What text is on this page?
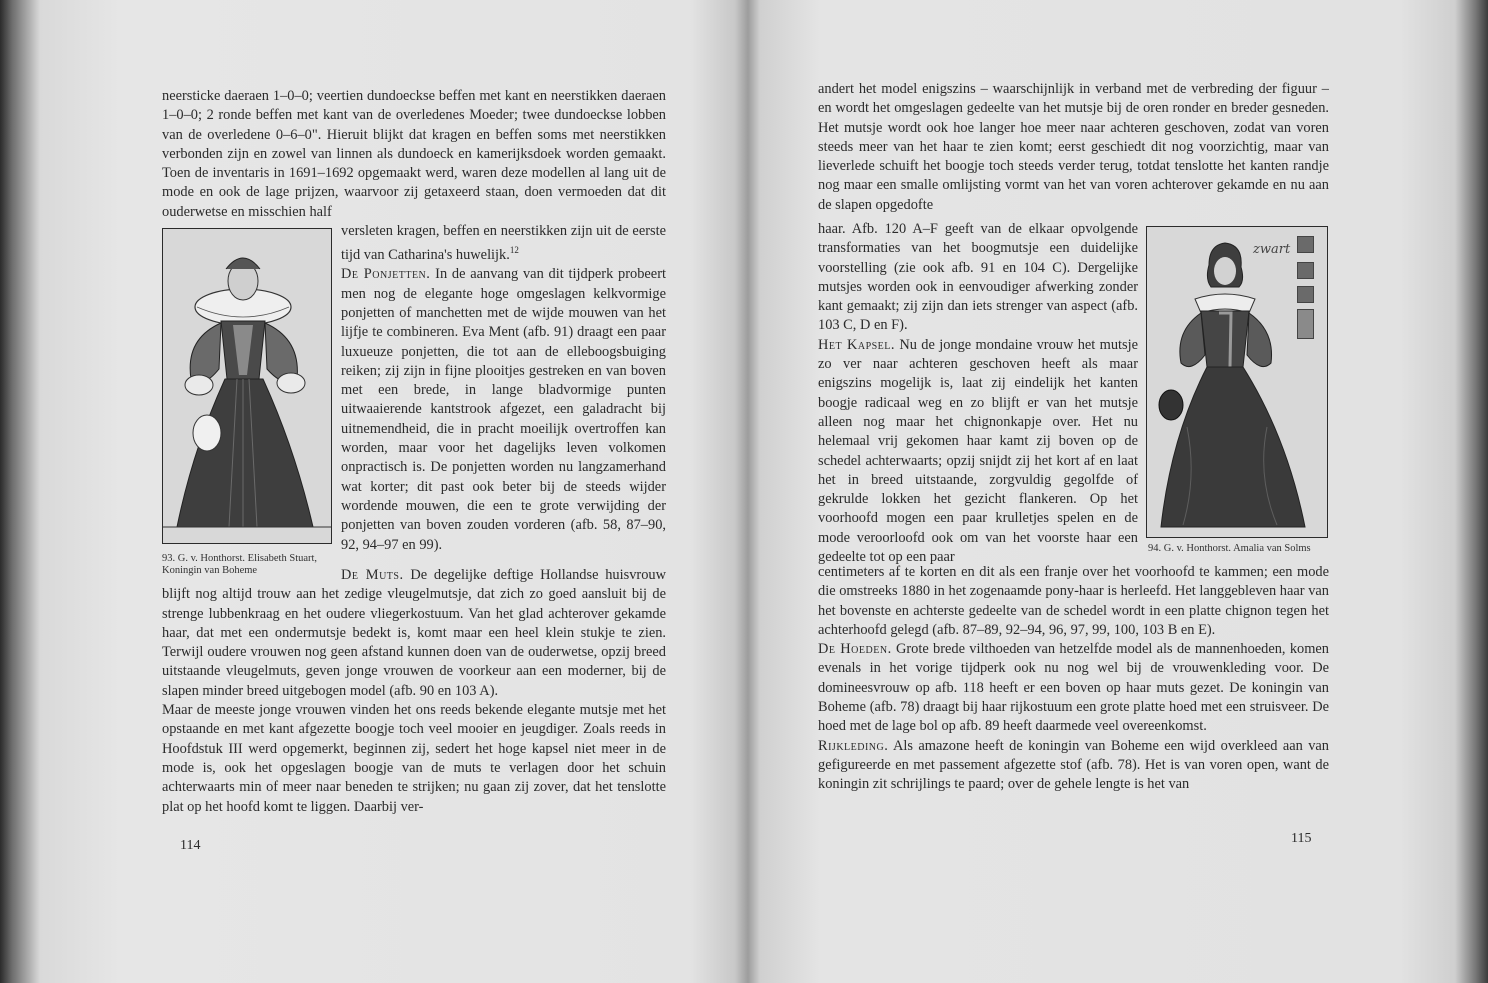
neersticke daeraen 1–0–0; veertien dundoeckse beffen met kant en neerstikken daeraen 1–0–0; 2 ronde beffen met kant van de overledenes Moeder; twee dundoeckse lobben van de overledene 0–6–0". Hieruit blijkt dat kragen en beffen soms met neerstikken verbonden zijn en zowel van linnen als dundoeck en kamerijksdoek worden gemaakt. Toen de inventaris in 1691–1692 opgemaakt werd, waren deze modellen al lang uit de mode en ook de lage prijzen, waarvoor zij getaxeerd staan, doen vermoeden dat dit ouderwetse en misschien half

versleten kragen, beffen en neerstikken zijn uit de eerste tijd van Catharina's huwelijk.$^{12}$

De Ponjetten. In de aanvang van dit tijdperk probeert men nog de elegante hoge omgeslagen kelkvormige ponjetten of manchetten met de wijde mouwen van het lijfje te combineren. Eva Ment (afb. 91) draagt een paar luxueuze ponjetten, die tot aan de elleboogsbuiging reiken; zij zijn in fijne plooitjes gestreken en van boven met een brede, in lange bladvormige punten uitwaaierende kantstrook afgezet, een galadracht bij uitnemendheid, die in pracht moeilijk overtroffen kan worden, maar voor het dagelijks leven volkomen onpractisch is. De ponjetten worden nu langzamerhand wat korter; dit past ook beter bij de steeds wijder wordende mouwen, die een te grote verwijding der ponjetten van boven zouden vorderen (afb. 58, 87–90, 92, 94–97 en 99).

93. G. v. Honthorst. Elisabeth Stuart, Koningin van Boheme	De Muts. De degelijke deftige Hollandse huisvrouw blijft nog altijd trouw aan het zedige vleugelmutsje, dat zich zo goed aansluit bij de strenge lubbenkraag en het oudere vliegerkostuum. Van het glad achterover gekamde haar, dat met een ondermutsje bedekt is, komt maar een heel klein stukje te zien. Terwijl oudere vrouwen nog geen afstand kunnen doen van de ouderwetse, opzij breed uitstaande vleugelmuts, geven jonge vrouwen de voorkeur aan een moderner, bij de slapen minder breed uitgebogen model (afb. 90 en 103 A).

Maar de meeste jonge vrouwen vinden het ons reeds bekende elegante mutsje met het opstaande en met kant afgezette boogje toch veel mooier en jeugdiger. Zoals reeds in Hoofdstuk III werd opgemerkt, beginnen zij, sedert het hoge kapsel niet meer in de mode is, ook het opgeslagen boogje van de muts te verlagen door het schuin achterwaarts min of meer naar beneden te strijken; nu gaan zij zover, dat het tenslotte plat op het hoofd komt te liggen. Daarbij ver-

114

andert het model enigszins – waarschijnlijk in verband met de verbreding der figuur – en wordt het omgeslagen gedeelte van het mutsje bij de oren ronder en breder gesneden. Het mutsje wordt ook hoe langer hoe meer naar achteren geschoven, zodat van voren steeds meer van het haar te zien komt; eerst geschiedt dit nog voorzichtig, maar van lieverlede schuift het boogje toch steeds verder terug, totdat tenslotte het kanten randje nog maar een smalle omlijsting vormt van het van voren achterover gekamde en nu aan de slapen opgedofte

zwart

haar. Afb. 120 A–F geeft van de elkaar opvolgende transformaties van het boogmutsje een duidelijke voorstelling (zie ook afb. 91 en 104 C). Dergelijke mutsjes worden ook in eenvoudiger afwerking zonder kant gemaakt; zij zijn dan iets strenger van aspect (afb. 103 C, D en F).

Het Kapsel. Nu de jonge mondaine vrouw het mutsje zo ver naar achteren geschoven heeft als maar enigszins mogelijk is, laat zij eindelijk het kanten boogje radicaal weg en zo blijft er van het mutsje alleen nog maar het chignonkapje over. Het nu helemaal vrij gekomen haar kamt zij boven op de schedel achterwaarts; opzij snijdt zij het kort af en laat het in breed uitstaande, zorgvuldig gegolfde of gekrulde lokken het gezicht flankeren. Op het voorhoofd mogen een paar krulletjes spelen en de mode veroorloofd ook om van het voorste haar een gedeelte tot op een paar

94. G. v. Honthorst. Amalia van Solms

centimeters af te korten en dit als een franje over het voorhoofd te kammen; een mode die omstreeks 1880 in het zogenaamde pony-haar is herleefd. Het langgebleven haar van het bovenste en achterste gedeelte van de schedel wordt in een platte chignon tegen het achterhoofd gelegd (afb. 87–89, 92–94, 96, 97, 99, 100, 103 B en E).

De Hoeden. Grote brede vilthoeden van hetzelfde model als de mannenhoeden, komen evenals in het vorige tijdperk ook nu nog wel bij de vrouwenkleding voor. De domineesvrouw op afb. 118 heeft er een boven op haar muts gezet. De koningin van Boheme (afb. 78) draagt bij haar rijkostuum een grote platte hoed met een struisveer. De hoed met de lage bol op afb. 89 heeft daarmede veel overeenkomst.

Rijkleding. Als amazone heeft de koningin van Boheme een wijd overkleed aan van gefigureerde en met passement afgezette stof (afb. 78). Het is van voren open, want de koningin zit schrijlings te paard; over de gehele lengte is het van

115
